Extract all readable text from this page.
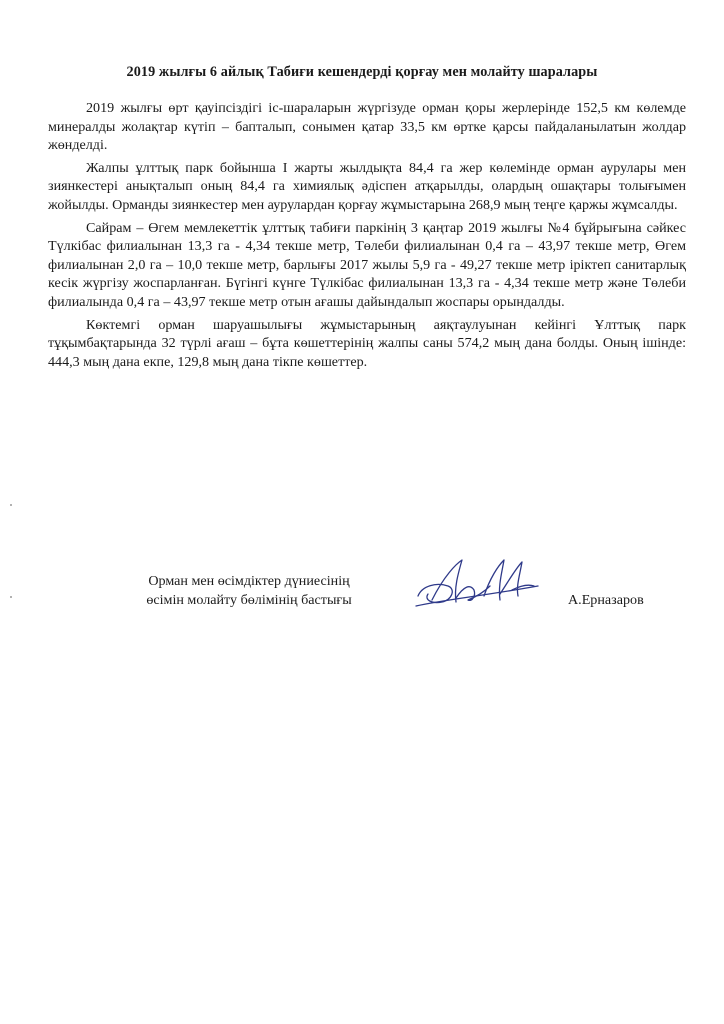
2019 жылғы 6 айлық Табиғи кешендерді қорғау мен молайту шаралары

2019 жылғы өрт қауіпсіздігі іс-шараларын жүргізуде орман қоры жерлерінде 152,5 км көлемде минералды жолақтар күтіп – баптaлып, сонымен қатар 33,5 км өртке қарсы пайдаланылатын жолдар жөнделді.

Жалпы ұлттық парк бойынша I жарты жылдықта 84,4 га жер көлемінде орман аурулары мен зиянкестері анықталып оның 84,4 га химиялық әдіспен атқарылды, олардың ошақтары толығымен жойылды. Орманды зиянкестер мен аурулардан қорғау жұмыстарына 268,9 мың теңге қаржы жұмсалды.

Сайрам – Өгем мемлекеттік ұлттық табиғи паркінің 3 қаңтар 2019 жылғы №4 бұйрығына сәйкес Түлкібас филиалынан 13,3 га - 4,34 текше метр, Төлеби филиалынан 0,4 га – 43,97 текше метр, Өгем филиалынан 2,0 га – 10,0 текше метр, барлығы 2017 жылы 5,9 га - 49,27 текше метр іріктеп санитарлық кесік жүргізу жоспарланған. Бүгінгі күнге Түлкібас филиалынан 13,3 га - 4,34 текше метр және Төлеби филиалында 0,4 га – 43,97 текше метр отын ағашы дайындалып жоспары орындалды.

Көктемгі орман шаруашылығы жұмыстарының аяқтаулуынан кейінгі Ұлттық парк тұқымбақтарында 32 түрлі ағаш – бұта көшеттерінің жалпы саны 574,2 мың дана болды. Оның ішінде: 444,3 мың дана екпе, 129,8 мың дана тікпе көшеттер.

Орман мен өсімдіктер дүниесінің
өсімін молайту бөлімінің бастығы	А.Ерназаров
